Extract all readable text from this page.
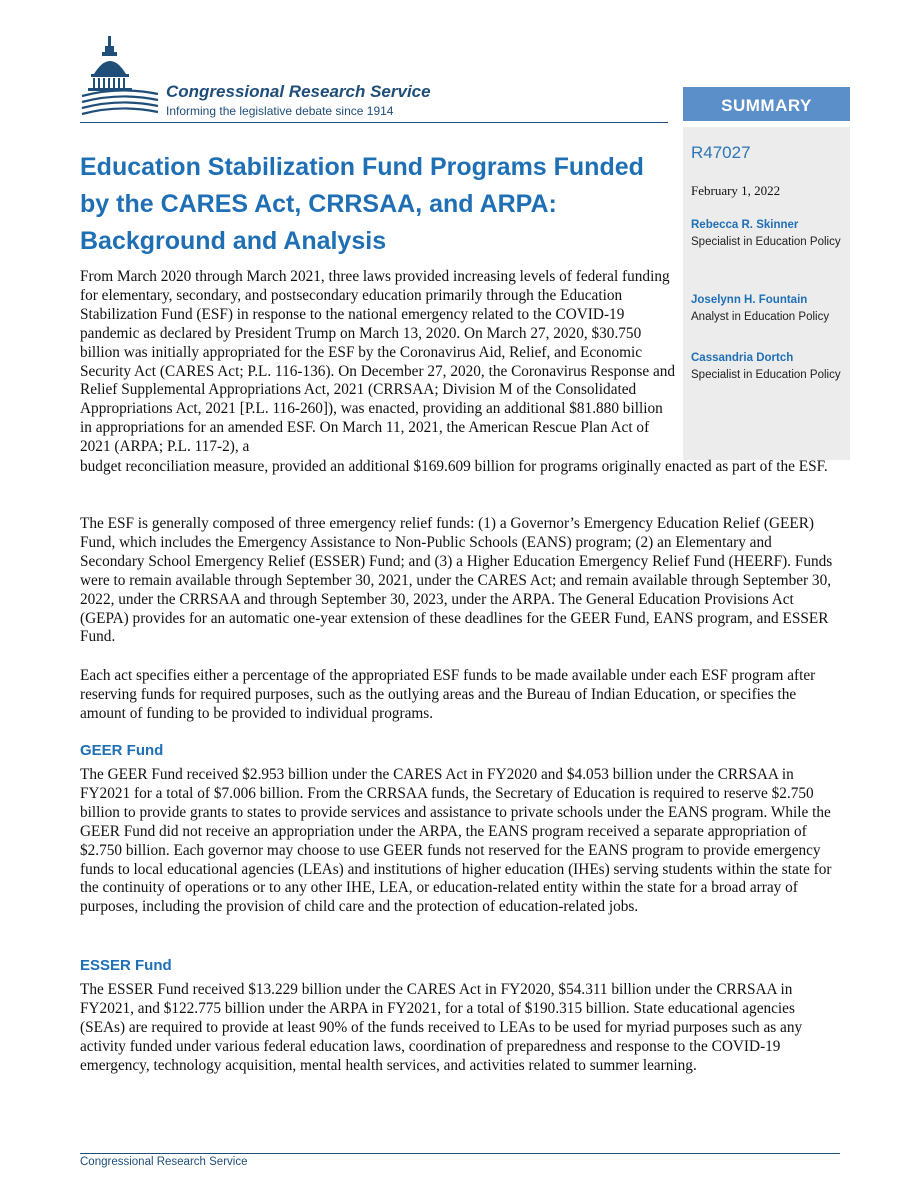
Congressional Research Service
Informing the legislative debate since 1914	SUMMARY
R47027
February 1, 2022
Rebecca R. Skinner
Specialist in Education Policy
Joselynn H. Fountain
Analyst in Education Policy
Cassandria Dortch
Specialist in Education Policy
Education Stabilization Fund Programs Funded by the CARES Act, CRRSAA, and ARPA: Background and Analysis

From March 2020 through March 2021, three laws provided increasing levels of federal funding for elementary, secondary, and postsecondary education primarily through the Education Stabilization Fund (ESF) in response to the national emergency related to the COVID-19 pandemic as declared by President Trump on March 13, 2020. On March 27, 2020, $30.750 billion was initially appropriated for the ESF by the Coronavirus Aid, Relief, and Economic Security Act (CARES Act; P.L. 116-136). On December 27, 2020, the Coronavirus Response and Relief Supplemental Appropriations Act, 2021 (CRRSAA; Division M of the Consolidated Appropriations Act, 2021 [P.L. 116-260]), was enacted, providing an additional $81.880 billion in appropriations for an amended ESF. On March 11, 2021, the American Rescue Plan Act of 2021 (ARPA; P.L. 117-2), a

budget reconciliation measure, provided an additional $169.609 billion for programs originally enacted as part of the ESF.

The ESF is generally composed of three emergency relief funds: (1) a Governor’s Emergency Education Relief (GEER) Fund, which includes the Emergency Assistance to Non-Public Schools (EANS) program; (2) an Elementary and Secondary School Emergency Relief (ESSER) Fund; and (3) a Higher Education Emergency Relief Fund (HEERF). Funds were to remain available through September 30, 2021, under the CARES Act; and remain available through September 30, 2022, under the CRRSAA and through September 30, 2023, under the ARPA. The General Education Provisions Act (GEPA) provides for an automatic one-year extension of these deadlines for the GEER Fund, EANS program, and ESSER Fund.

Each act specifies either a percentage of the appropriated ESF funds to be made available under each ESF program after reserving funds for required purposes, such as the outlying areas and the Bureau of Indian Education, or specifies the amount of funding to be provided to individual programs.

GEER Fund

The GEER Fund received $2.953 billion under the CARES Act in FY2020 and $4.053 billion under the CRRSAA in FY2021 for a total of $7.006 billion. From the CRRSAA funds, the Secretary of Education is required to reserve $2.750 billion to provide grants to states to provide services and assistance to private schools under the EANS program. While the GEER Fund did not receive an appropriation under the ARPA, the EANS program received a separate appropriation of $2.750 billion. Each governor may choose to use GEER funds not reserved for the EANS program to provide emergency funds to local educational agencies (LEAs) and institutions of higher education (IHEs) serving students within the state for the continuity of operations or to any other IHE, LEA, or education-related entity within the state for a broad array of purposes, including the provision of child care and the protection of education-related jobs.

ESSER Fund

The ESSER Fund received $13.229 billion under the CARES Act in FY2020, $54.311 billion under the CRRSAA in FY2021, and $122.775 billion under the ARPA in FY2021, for a total of $190.315 billion. State educational agencies (SEAs) are required to provide at least 90% of the funds received to LEAs to be used for myriad purposes such as any activity funded under various federal education laws, coordination of preparedness and response to the COVID-19 emergency, technology acquisition, mental health services, and activities related to summer learning.

Congressional Research Service
